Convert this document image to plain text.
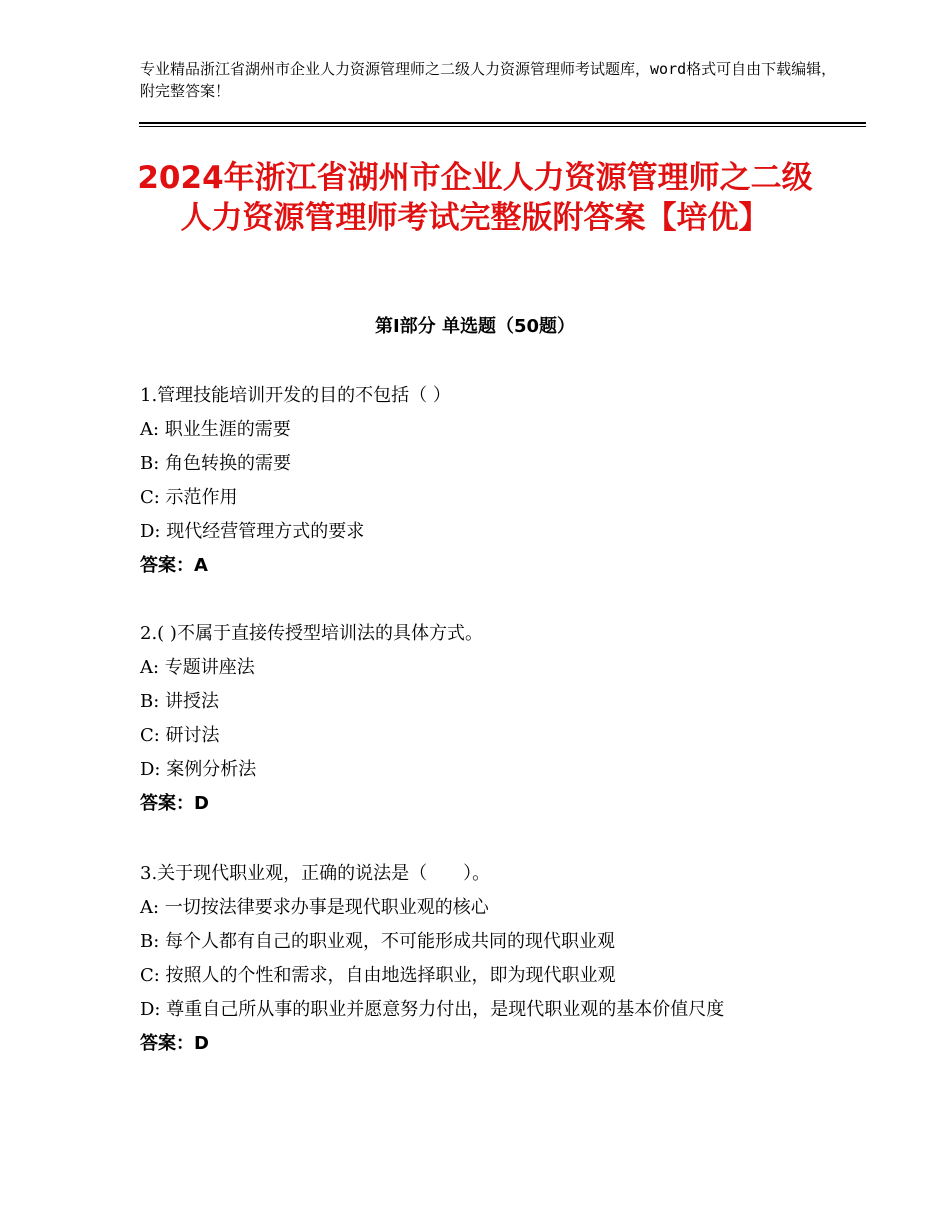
专业精品浙江省湖州市企业人力资源管理师之二级人力资源管理师考试题库，word格式可自由下载编辑，附完整答案！
2024年浙江省湖州市企业人力资源管理师之二级人力资源管理师考试完整版附答案【培优】
第Ⅰ部分 单选题（50题）

1.管理技能培训开发的目的不包括（ ）

A: 职业生涯的需要

B: 角色转换的需要

C: 示范作用

D: 现代经营管理方式的要求

答案：A

2.( )不属于直接传授型培训法的具体方式。

A: 专题讲座法

B: 讲授法

C: 研讨法

D: 案例分析法

答案：D

3.关于现代职业观，正确的说法是（　　）。

A: 一切按法律要求办事是现代职业观的核心

B: 每个人都有自己的职业观，不可能形成共同的现代职业观

C: 按照人的个性和需求，自由地选择职业，即为现代职业观

D: 尊重自己所从事的职业并愿意努力付出，是现代职业观的基本价值尺度

答案：D
